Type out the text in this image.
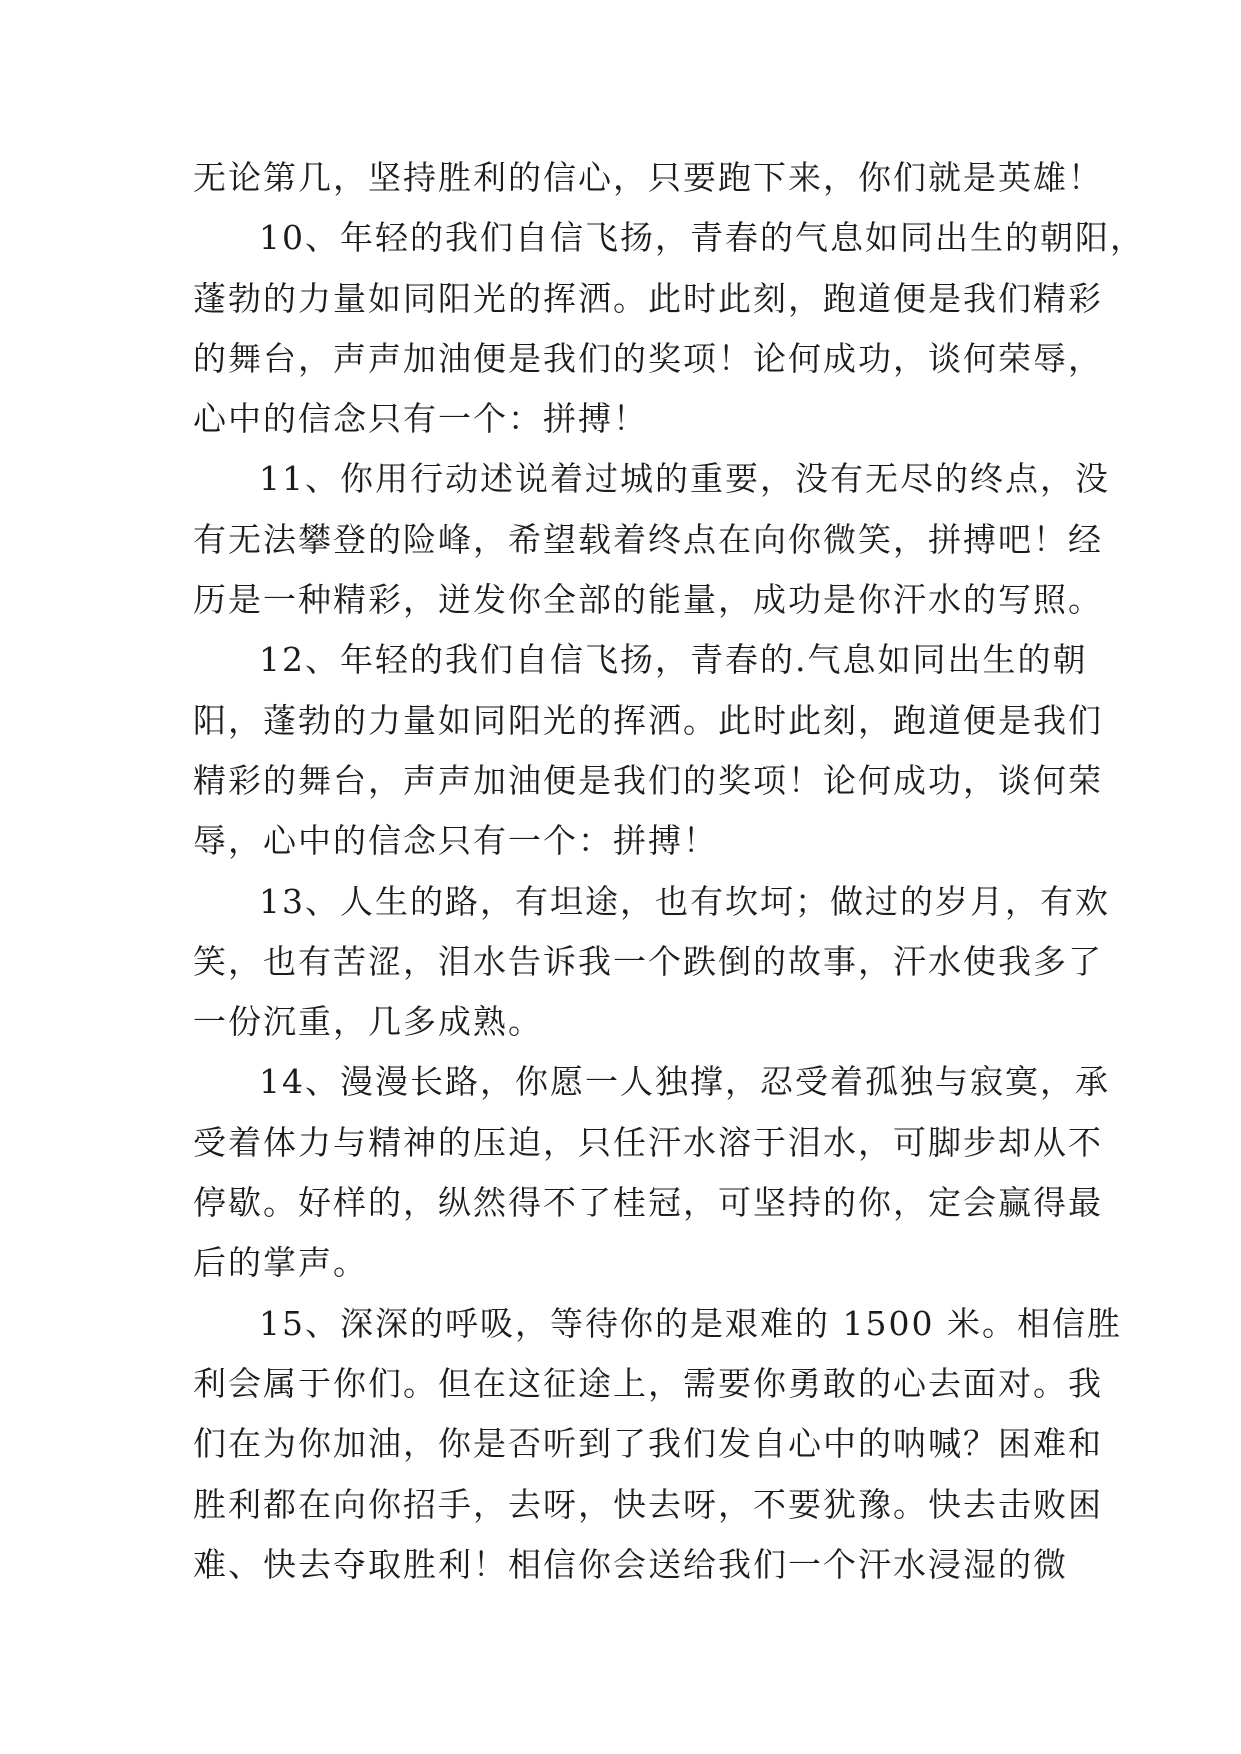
无论第几，坚持胜利的信心，只要跑下来，你们就是英雄！
10、年轻的我们自信飞扬，青春的气息如同出生的朝阳，
蓬勃的力量如同阳光的挥洒。此时此刻，跑道便是我们精彩
的舞台，声声加油便是我们的奖项！论何成功，谈何荣辱，
心中的信念只有一个：拼搏！
11、你用行动述说着过城的重要，没有无尽的终点，没
有无法攀登的险峰，希望载着终点在向你微笑，拼搏吧！经
历是一种精彩，迸发你全部的能量，成功是你汗水的写照。
12、年轻的我们自信飞扬，青春的.气息如同出生的朝
阳，蓬勃的力量如同阳光的挥洒。此时此刻，跑道便是我们
精彩的舞台，声声加油便是我们的奖项！论何成功，谈何荣
辱，心中的信念只有一个：拼搏！
13、人生的路，有坦途，也有坎坷；做过的岁月，有欢
笑，也有苦涩，泪水告诉我一个跌倒的故事，汗水使我多了
一份沉重，几多成熟。
14、漫漫长路，你愿一人独撑，忍受着孤独与寂寞，承
受着体力与精神的压迫，只任汗水溶于泪水，可脚步却从不
停歇。好样的，纵然得不了桂冠，可坚持的你，定会赢得最
后的掌声。
15、深深的呼吸，等待你的是艰难的 1500 米。相信胜
利会属于你们。但在这征途上，需要你勇敢的心去面对。我
们在为你加油，你是否听到了我们发自心中的呐喊？困难和
胜利都在向你招手，去呀，快去呀，不要犹豫。快去击败困
难、快去夺取胜利！相信你会送给我们一个汗水浸湿的微
